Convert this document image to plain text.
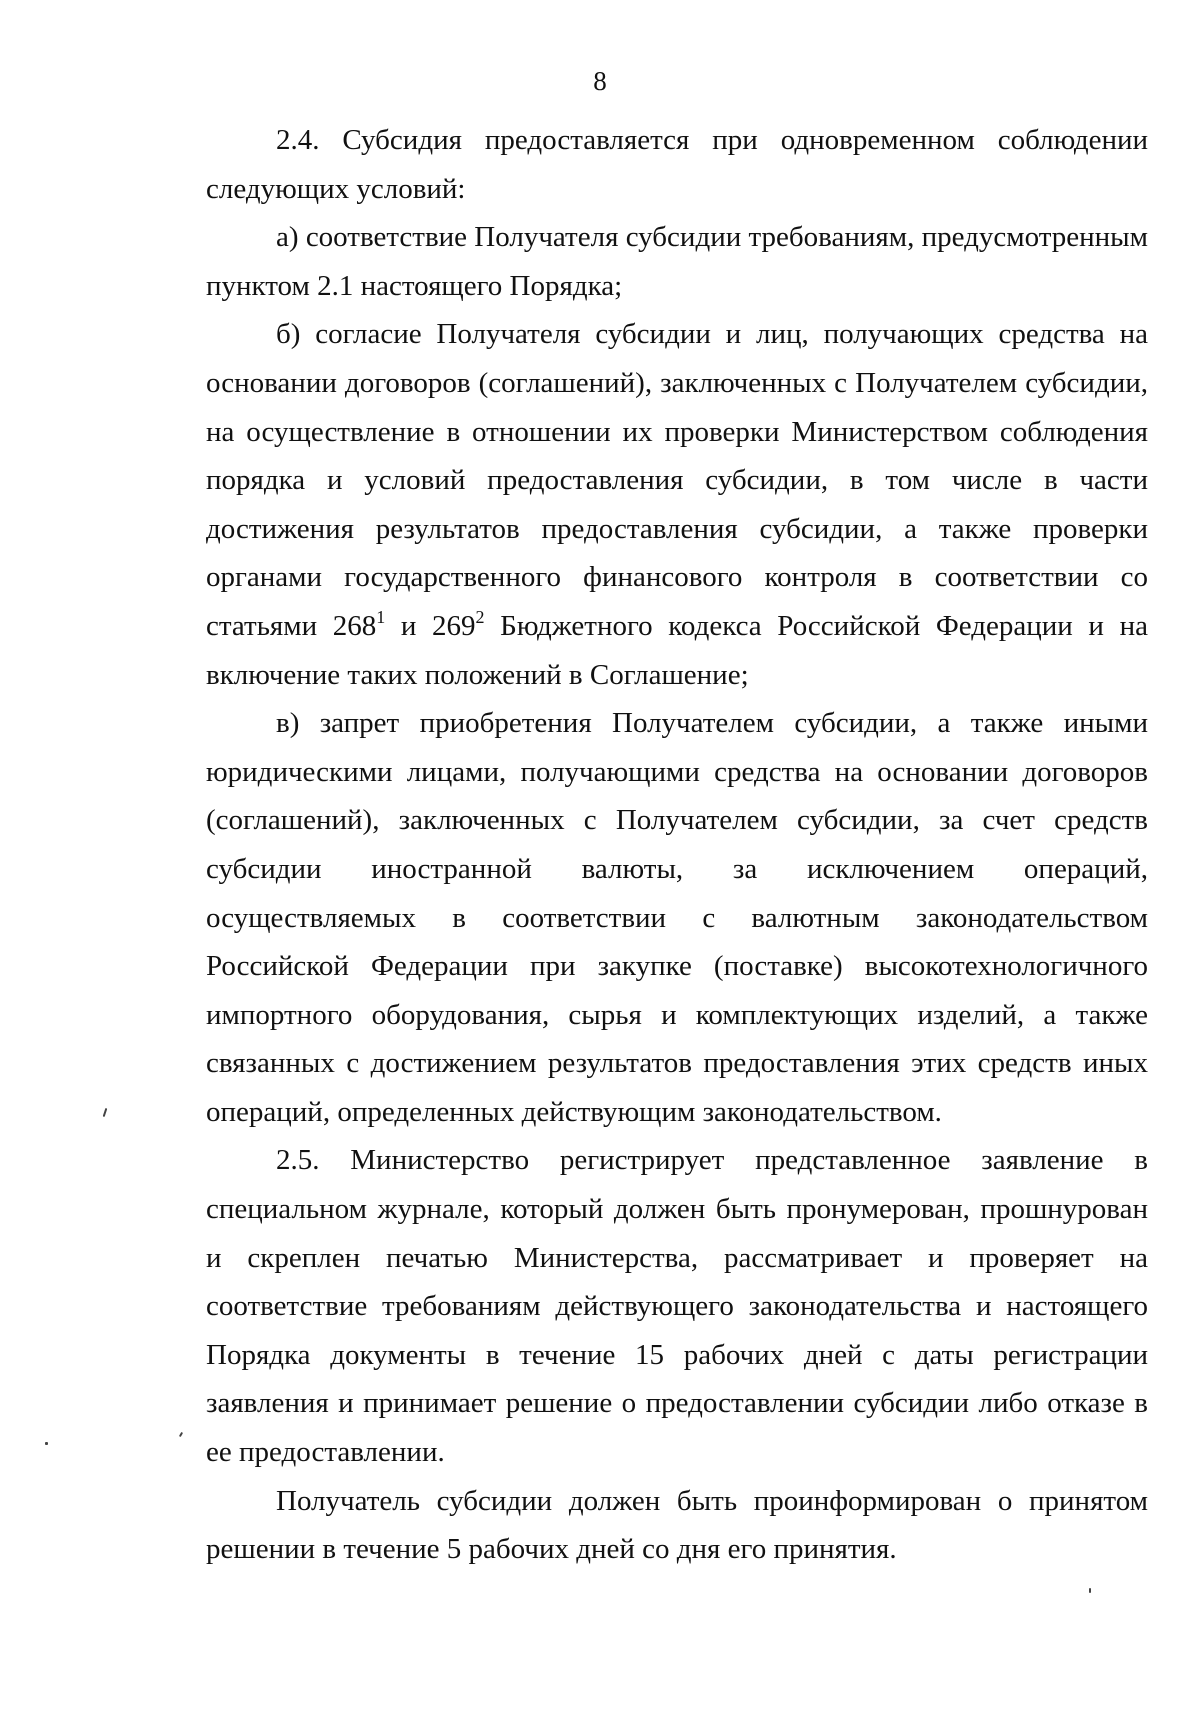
8

2.4. Субсидия предоставляется при одновременном соблюдении следующих условий:

а) соответствие Получателя субсидии требованиям, предусмотренным пунктом 2.1 настоящего Порядка;

б) согласие Получателя субсидии и лиц, получающих средства на основании договоров (соглашений), заключенных с Получателем субсидии, на осуществление в отношении их проверки Министерством соблюдения порядка и условий предоставления субсидии, в том числе в части достижения результатов предоставления субсидии, а также проверки органами государственного финансового контроля в соответствии со статьями $268^1$ и $269^2$ Бюджетного кодекса Российской Федерации и на включение таких положений в Соглашение;

в) запрет приобретения Получателем субсидии, а также иными юридическими лицами, получающими средства на основании договоров (соглашений), заключенных с Получателем субсидии, за счет средств субсидии иностранной валюты, за исключением операций, осуществляемых в соответствии с валютным законодательством Российской Федерации при закупке (поставке) высокотехнологичного импортного оборудования, сырья и комплектующих изделий, а также связанных с достижением результатов предоставления этих средств иных операций, определенных действующим законодательством.

2.5. Министерство регистрирует представленное заявление в специальном журнале, который должен быть пронумерован, прошнурован и скреплен печатью Министерства, рассматривает и проверяет на соответствие требованиям действующего законодательства и настоящего Порядка документы в течение 15 рабочих дней с даты регистрации заявления и принимает решение о предоставлении субсидии либо отказе в ее предоставлении.

Получатель субсидии должен быть проинформирован о принятом решении в течение 5 рабочих дней со дня его принятия.
